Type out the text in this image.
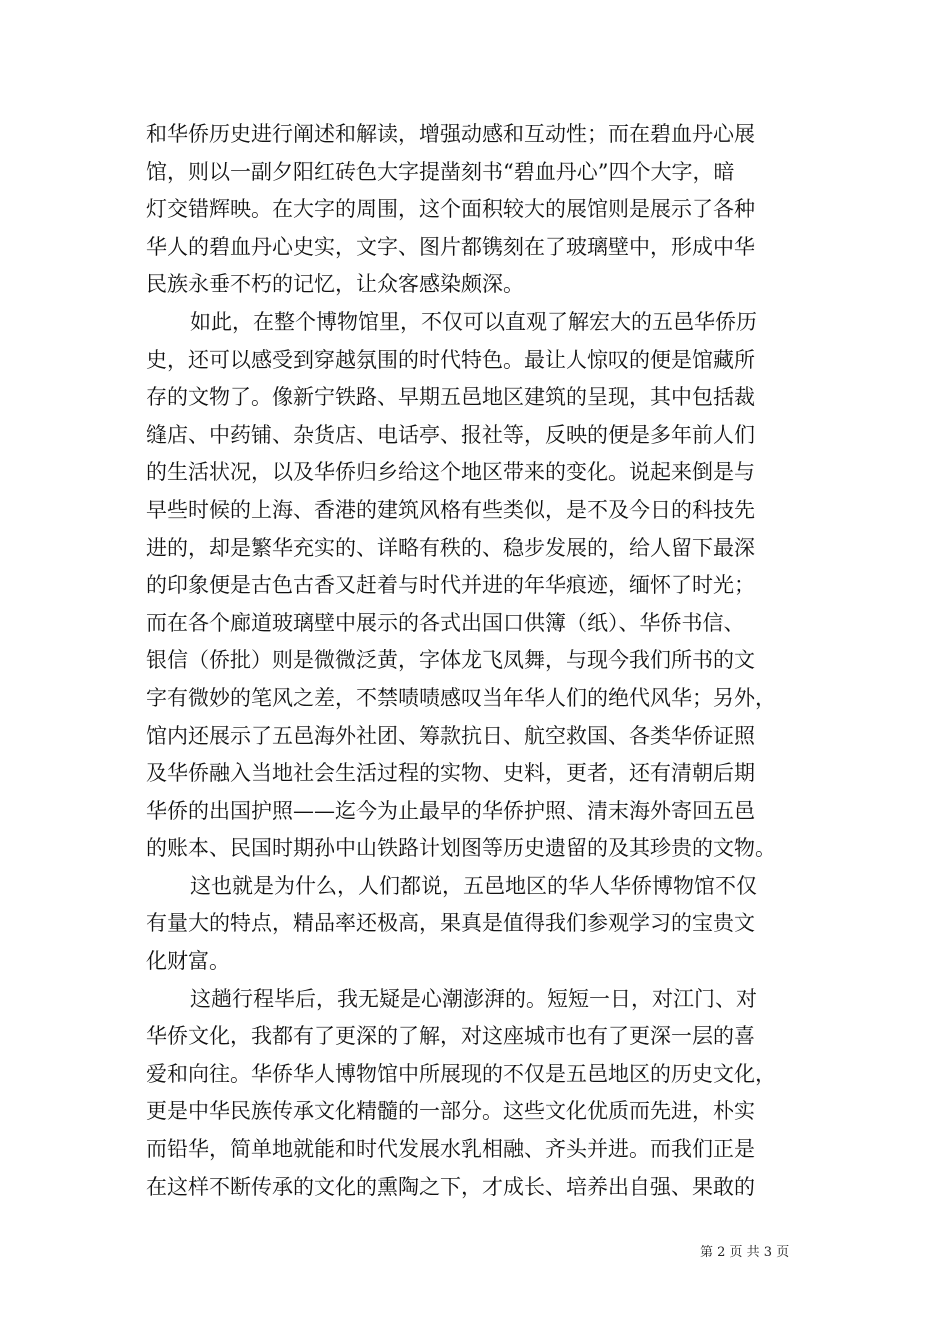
和华侨历史进行阐述和解读，增强动感和互动性；而在碧血丹心展
馆，则以一副夕阳红砖色大字提凿刻书“碧血丹心”四个大字，暗
灯交错辉映。在大字的周围，这个面积较大的展馆则是展示了各种
华人的碧血丹心史实，文字、图片都镌刻在了玻璃壁中，形成中华
民族永垂不朽的记忆，让众客感染颇深。
如此，在整个博物馆里，不仅可以直观了解宏大的五邑华侨历
史，还可以感受到穿越氛围的时代特色。最让人惊叹的便是馆藏所
存的文物了。像新宁铁路、早期五邑地区建筑的呈现，其中包括裁
缝店、中药铺、杂货店、电话亭、报社等，反映的便是多年前人们
的生活状况，以及华侨归乡给这个地区带来的变化。说起来倒是与
早些时候的上海、香港的建筑风格有些类似，是不及今日的科技先
进的，却是繁华充实的、详略有秩的、稳步发展的，给人留下最深
的印象便是古色古香又赶着与时代并进的年华痕迹，缅怀了时光；
而在各个廊道玻璃壁中展示的各式出国口供簿（纸）、华侨书信、
银信（侨批）则是微微泛黄，字体龙飞凤舞，与现今我们所书的文
字有微妙的笔风之差，不禁啧啧感叹当年华人们的绝代风华；另外，
馆内还展示了五邑海外社团、筹款抗日、航空救国、各类华侨证照
及华侨融入当地社会生活过程的实物、史料，更者，还有清朝后期
华侨的出国护照——迄今为止最早的华侨护照、清末海外寄回五邑
的账本、民国时期孙中山铁路计划图等历史遗留的及其珍贵的文物。
这也就是为什么，人们都说，五邑地区的华人华侨博物馆不仅
有量大的特点，精品率还极高，果真是值得我们参观学习的宝贵文
化财富。
这趟行程毕后，我无疑是心潮澎湃的。短短一日，对江门、对
华侨文化，我都有了更深的了解，对这座城市也有了更深一层的喜
爱和向往。华侨华人博物馆中所展现的不仅是五邑地区的历史文化，
更是中华民族传承文化精髓的一部分。这些文化优质而先进，朴实
而铅华，简单地就能和时代发展水乳相融、齐头并进。而我们正是
在这样不断传承的文化的熏陶之下，才成长、培养出自强、果敢的
第 2 页 共 3 页
